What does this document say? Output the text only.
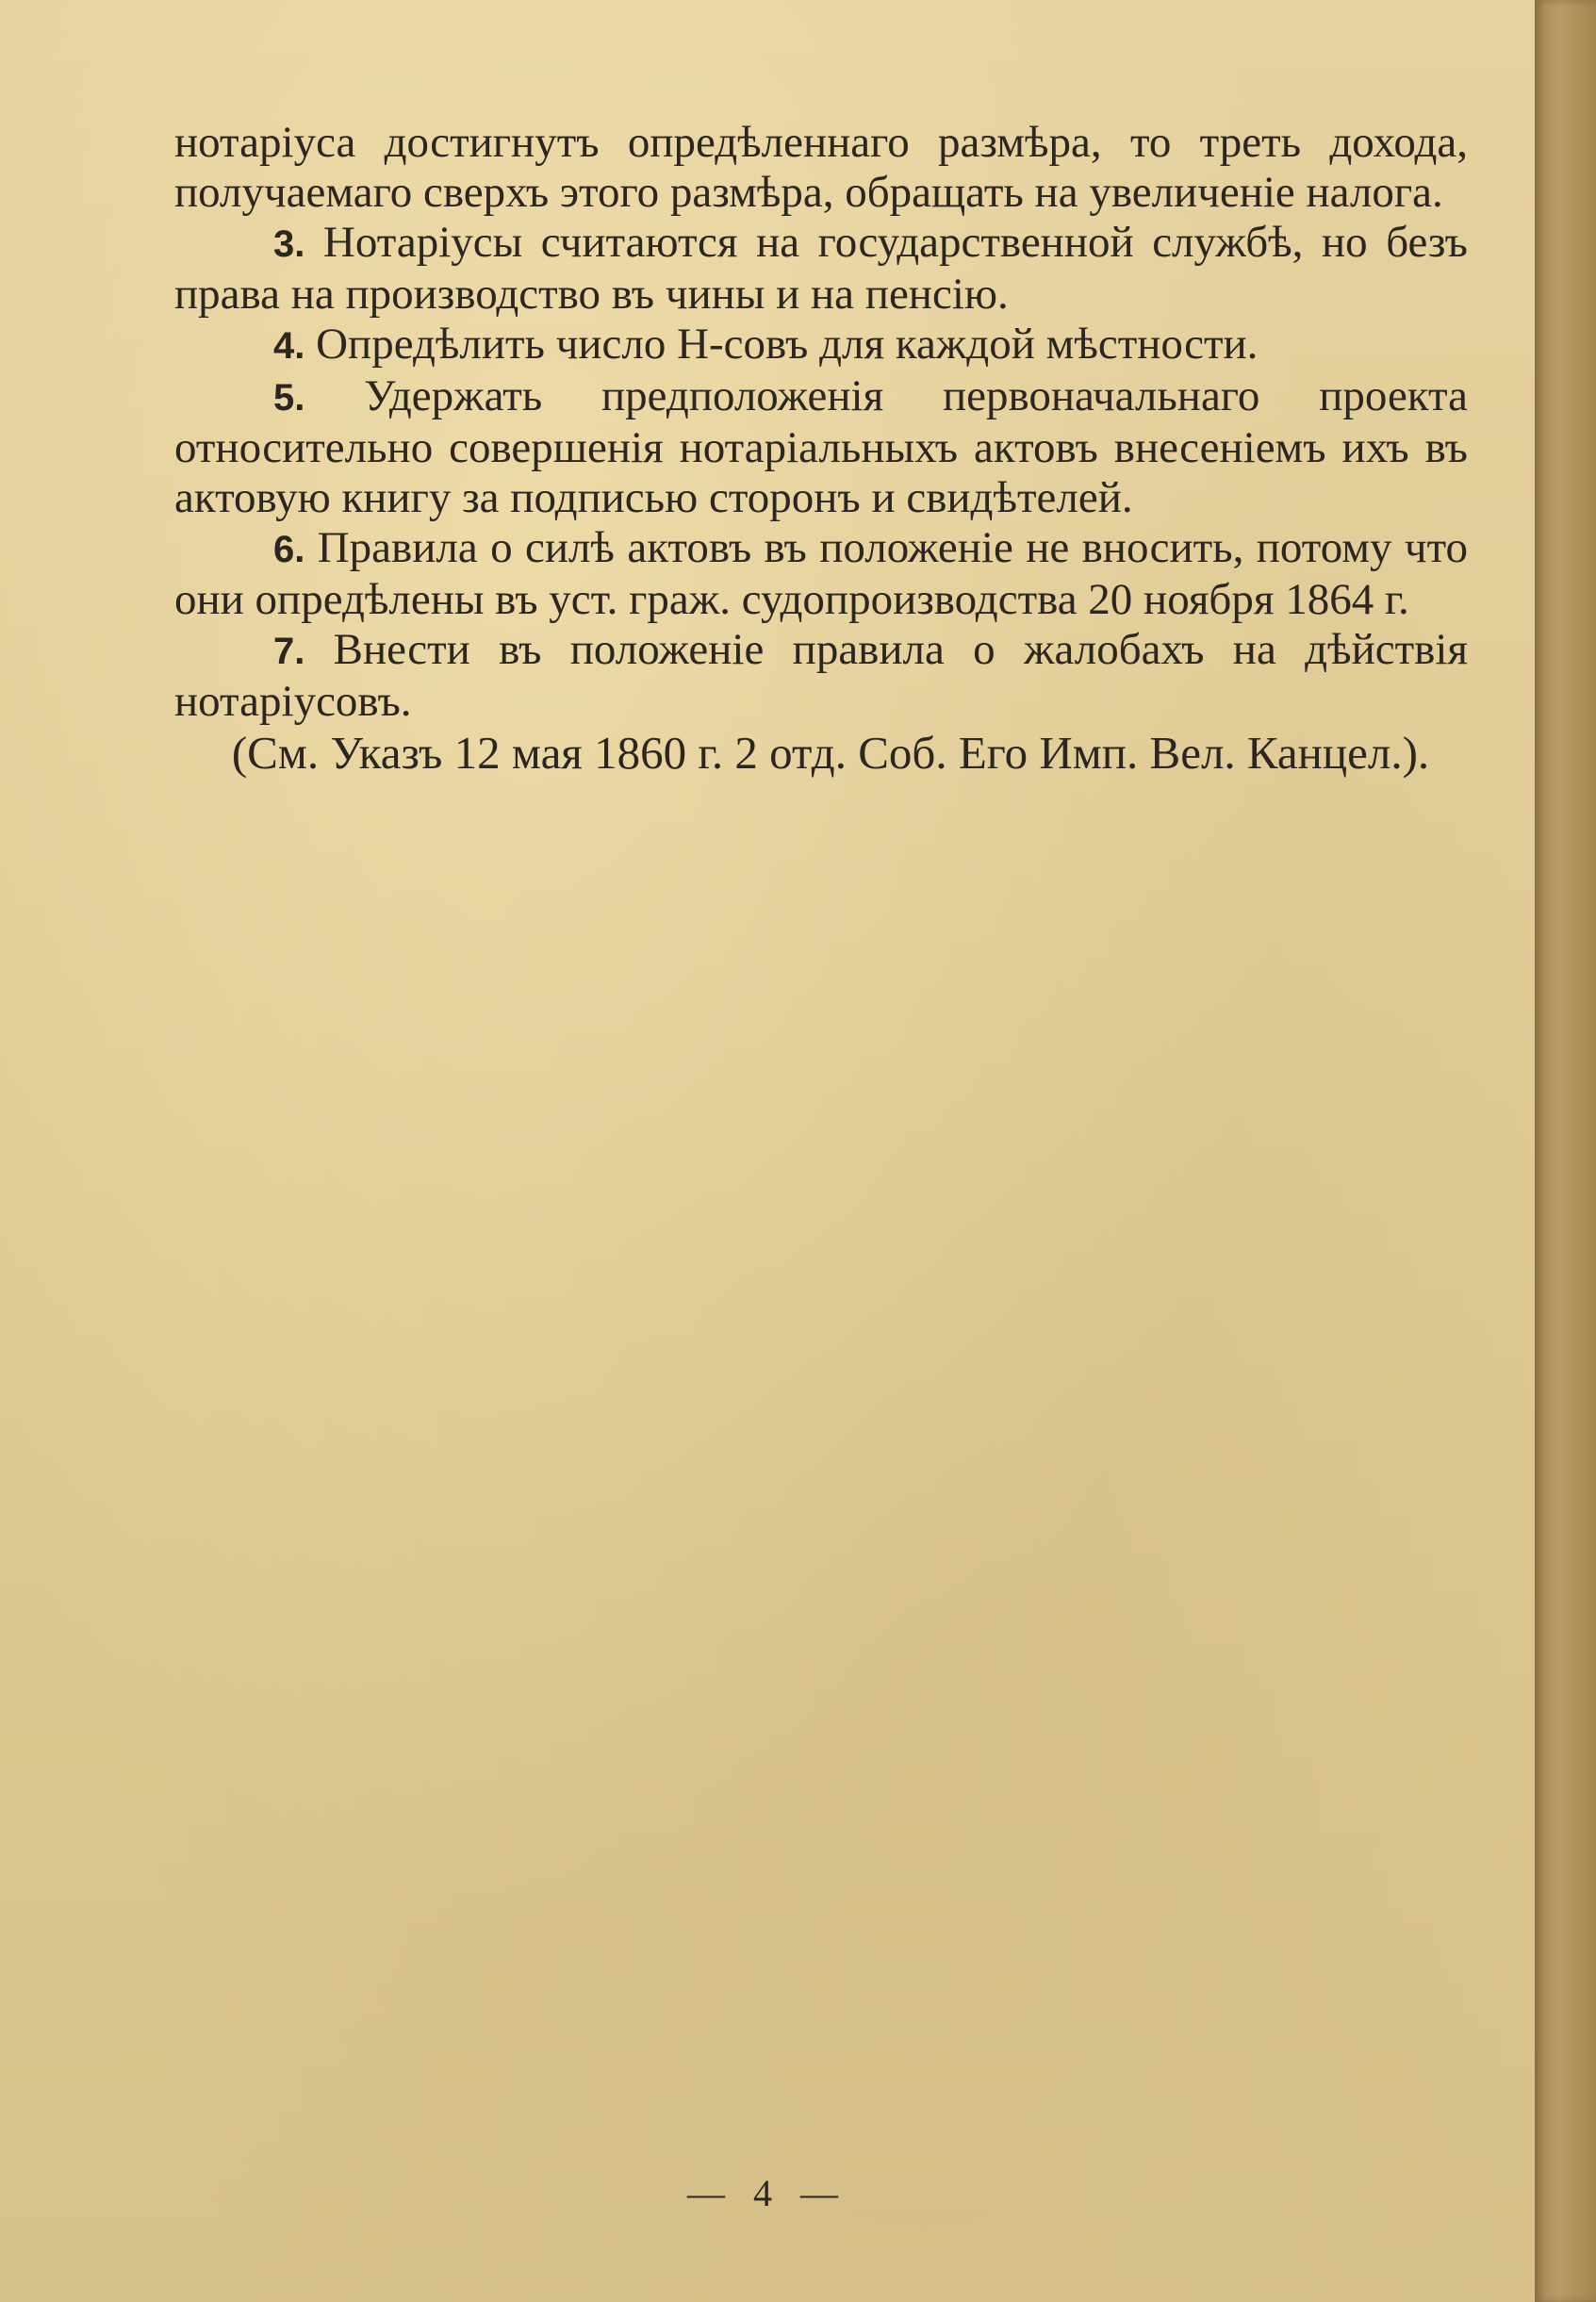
нотарiуса достигнутъ опредѣленнаго размѣра, то треть дохода, получаемаго сверхъ этого размѣра, обращать на увеличенiе налога.

3. Нотарiусы считаются на государственной службѣ, но безъ права на производство въ чины и на пенсiю.

4. Опредѣлить число Н-совъ для каждой мѣстности.

5. Удержать предположенiя первоначальнаго проекта относительно совершенiя нотарiальныхъ актовъ внесенiемъ ихъ въ актовую книгу за подписью сторонъ и свидѣтелей.

6. Правила о силѣ актовъ въ положенiе не вносить, потому что они опредѣлены въ уст. граж. судопроизводства 20 ноября 1864 г.

7. Внести въ положенiе правила о жалобахъ на дѣйствiя нотарiусовъ.

(См. Указъ 12 мая 1860 г. 2 отд. Соб. Его Имп. Вел. Канцел.).

— 4 —
